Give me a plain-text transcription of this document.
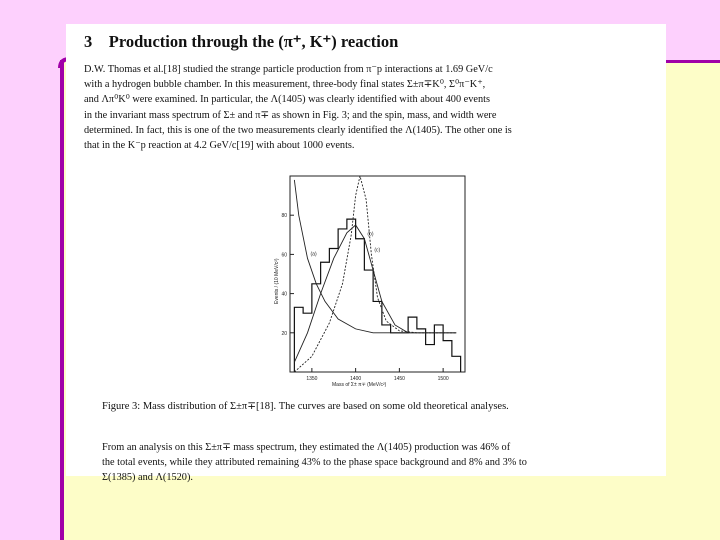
3 Production through the (π⁺, K⁺) reaction

D.W. Thomas et al.[18] studied the strange particle production from π⁻p interactions at 1.69 GeV/c

with a hydrogen bubble chamber. In this measurement, three-body final states Σ±π∓K⁰, Σ⁰π⁻K⁺,

and Λπ⁰K⁰ were examined. In particular, the Λ(1405) was clearly identified with about 400 events

in the invariant mass spectrum of Σ± and π∓ as shown in Fig. 3; and the spin, mass, and width were

determined. In fact, this is one of the two measurements clearly identified the Λ(1405). The other one is

that in the K⁻p reaction at 4.2 GeV/c[19] with about 1000 events.

20
40
60
80
1350	1400	1450	1500
(a)
(b)
(c)
Events / (10 MeV/c²)
Mass of Σ± π∓ (MeV/c²)
Figure 3: Mass distribution of Σ±π∓[18]. The curves are based on some old theoretical analyses.

From an analysis on this Σ±π∓ mass spectrum, they estimated the Λ(1405) production was 46% of

the total events, while they attributed remaining 43% to the phase space background and 8% and 3% to

Σ(1385) and Λ(1520).
